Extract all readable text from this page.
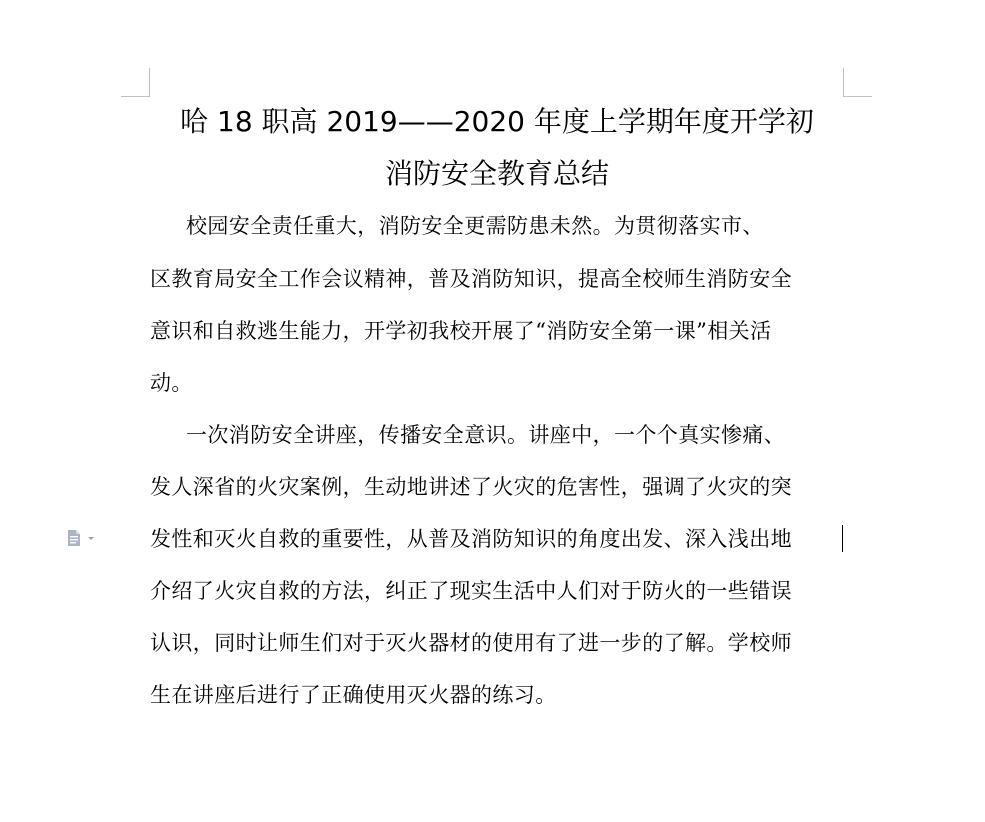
哈 18 职高 2019——2020 年度上学期年度开学初
消防安全教育总结
校园安全责任重大，消防安全更需防患未然。为贯彻落实市、
区教育局安全工作会议精神，普及消防知识，提高全校师生消防安全
意识和自救逃生能力，开学初我校开展了“消防安全第一课”相关活
动。
一次消防安全讲座，传播安全意识。讲座中，一个个真实惨痛、
发人深省的火灾案例，生动地讲述了火灾的危害性，强调了火灾的突
发性和灭火自救的重要性，从普及消防知识的角度出发、深入浅出地
介绍了火灾自救的方法，纠正了现实生活中人们对于防火的一些错误
认识，同时让师生们对于灭火器材的使用有了进一步的了解。学校师
生在讲座后进行了正确使用灭火器的练习。
